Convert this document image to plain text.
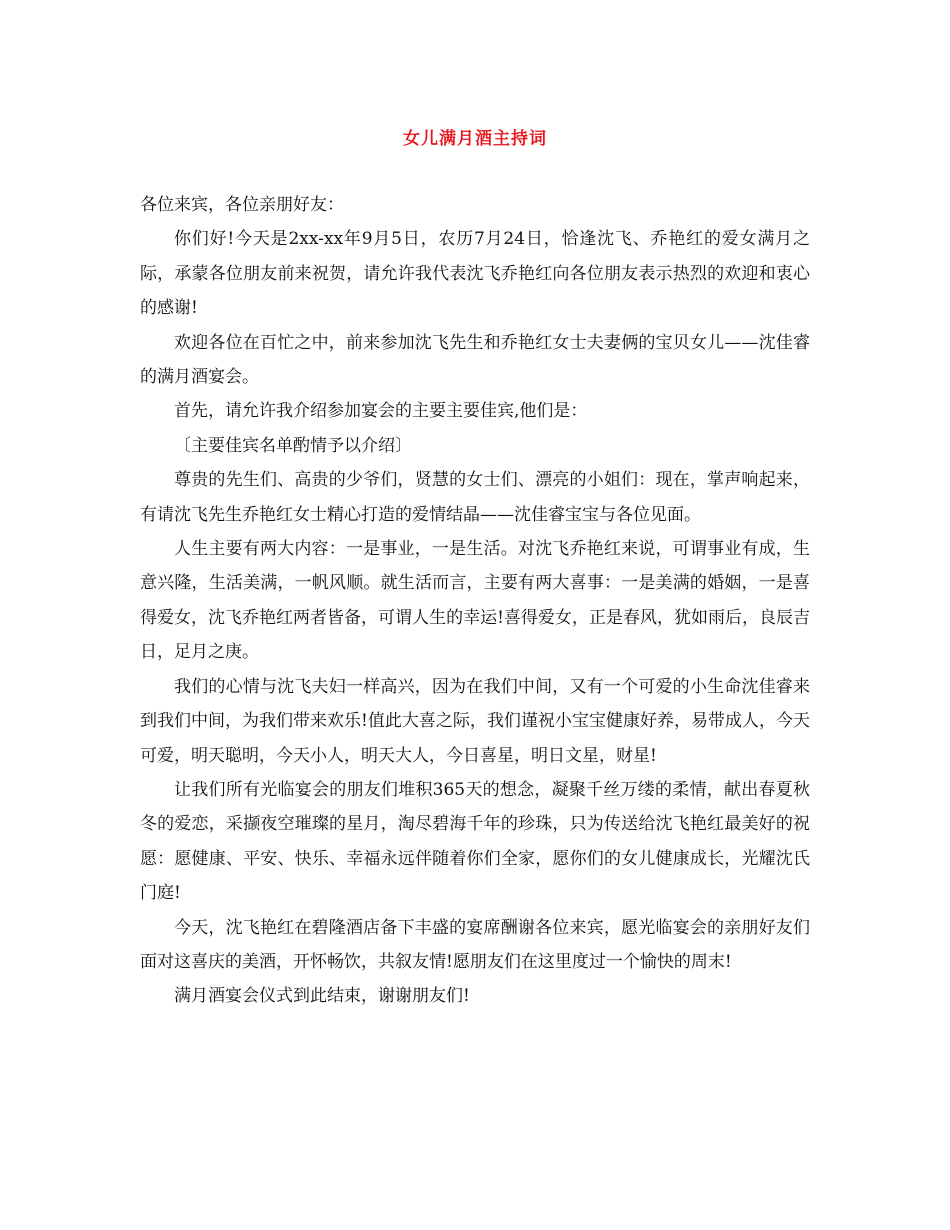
女儿满月酒主持词

各位来宾，各位亲朋好友：

你们好!今天是2xx-xx年9月5日，农历7月24日，恰逢沈飞、乔艳红的爱女满月之际，承蒙各位朋友前来祝贺，请允许我代表沈飞乔艳红向各位朋友表示热烈的欢迎和衷心的感谢!

欢迎各位在百忙之中，前来参加沈飞先生和乔艳红女士夫妻俩的宝贝女儿——沈佳睿的满月酒宴会。

首先，请允许我介绍参加宴会的主要主要佳宾,他们是：

〔主要佳宾名单酌情予以介绍〕

尊贵的先生们、高贵的少爷们，贤慧的女士们、漂亮的小姐们：现在，掌声响起来，有请沈飞先生乔艳红女士精心打造的爱情结晶——沈佳睿宝宝与各位见面。

人生主要有两大内容：一是事业，一是生活。对沈飞乔艳红来说，可谓事业有成，生意兴隆，生活美满，一帆风顺。就生活而言，主要有两大喜事：一是美满的婚姻，一是喜得爱女，沈飞乔艳红两者皆备，可谓人生的幸运!喜得爱女，正是春风，犹如雨后，良辰吉日，足月之庚。

我们的心情与沈飞夫妇一样高兴，因为在我们中间，又有一个可爱的小生命沈佳睿来到我们中间，为我们带来欢乐!值此大喜之际，我们谨祝小宝宝健康好养，易带成人，今天可爱，明天聪明，今天小人，明天大人，今日喜星，明日文星，财星!

让我们所有光临宴会的朋友们堆积365天的想念，凝聚千丝万缕的柔情，献出春夏秋冬的爱恋，采撷夜空璀璨的星月，淘尽碧海千年的珍珠，只为传送给沈飞艳红最美好的祝愿：愿健康、平安、快乐、幸福永远伴随着你们全家，愿你们的女儿健康成长，光耀沈氏门庭!

今天，沈飞艳红在碧隆酒店备下丰盛的宴席酬谢各位来宾，愿光临宴会的亲朋好友们面对这喜庆的美酒，开怀畅饮，共叙友情!愿朋友们在这里度过一个愉快的周末!

满月酒宴会仪式到此结束，谢谢朋友们!
